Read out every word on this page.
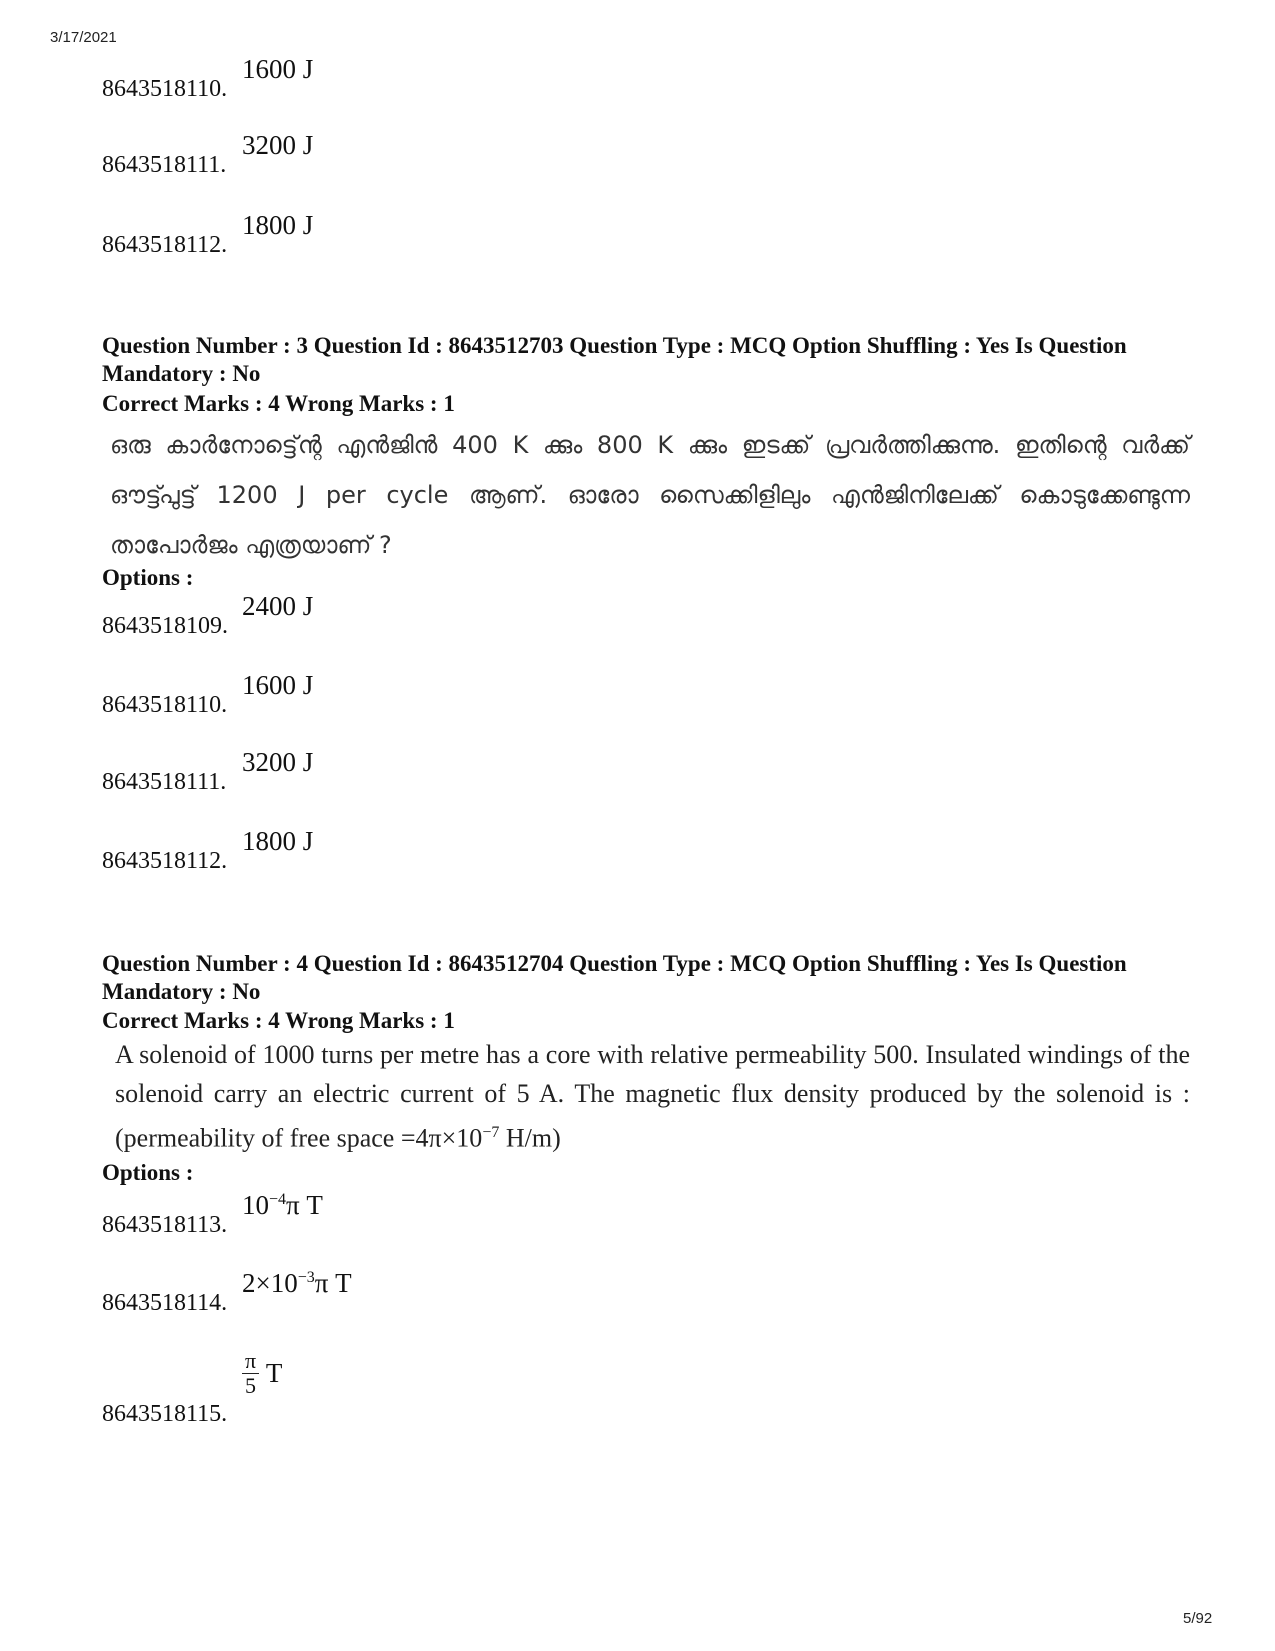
3/17/2021
8643518110.
1600 J
8643518111.
3200 J
8643518112.
1800 J
Question Number : 3 Question Id : 8643512703 Question Type : MCQ Option Shuffling : Yes Is Question Mandatory : No
Correct Marks : 4 Wrong Marks : 1
ഒരു കാർനോട്ട്ന്റെ എൻജിൻ 400 K ക്കും 800 K ക്കും ഇടക്ക് പ്രവർത്തിക്കുന്നു. ഇതിന്റെ വർക്ക് ഔട്ട്പുട്ട് 1200 J per cycle ആണ്. ഓരോ സൈക്കിളിലും എൻജിനിലേക്ക് കൊടുക്കേണ്ടുന്ന താപോർജം എത്രയാണ് ?
Options :
8643518109.
2400 J
8643518110.
1600 J
8643518111.
3200 J
8643518112.
1800 J
Question Number : 4 Question Id : 8643512704 Question Type : MCQ Option Shuffling : Yes Is Question Mandatory : No
Correct Marks : 4 Wrong Marks : 1
A solenoid of 1000 turns per metre has a core with relative permeability 500. Insulated windings of the solenoid carry an electric current of 5 A. The magnetic flux density produced by the solenoid is : (permeability of free space $=4\pi\times 10^{-7}$ H/m)
Options :
8643518113.
$10^{-4}\pi$ T
8643518114.
$2\times 10^{-3}\pi$ T
8643518115.
$\frac{\pi}{5}$ T
5/92
